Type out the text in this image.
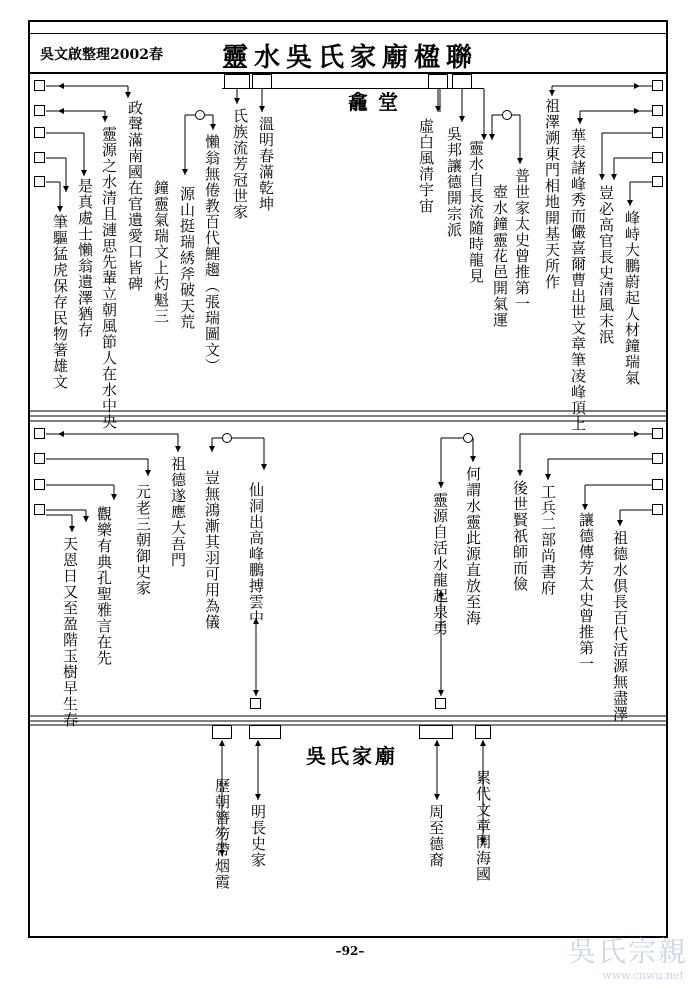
吳文啟整理2002春 靈水吳氏家廟楹聯
龕堂
峰峙大鵬蔚起人材鐘瑞氣
豈必高官長史清風末泯
華表諸峰秀而儼喜爾曹出世文章筆凌峰頂上
祖澤溯東門相地開基天所作
普世家太史曾推第一
壺水鐘靈花邑開氣運
靈水自長流隨時龍見
吳邦讓德開宗派
虛白風清宇宙
溫明春滿乾坤
氏族流芳冠世家
懶翁無倦教百代鯉趨（張瑞圖文）
源山挺瑞綉斧破天荒
鐘靈氣瑞文上灼魁三
政聲滿南國在官遺愛口皆碑
靈源之水清且漣思先輩立朝風節人在水中央
是真處士懶翁遺澤猶存
筆驅猛虎保存民物箸雄文
祖德水俱長百代活源無盡澤
讓德傳芳太史曾推第一
工兵二部尚書府
後世賢祇師而儉
何謂水靈此源直放至海
靈源自活水龍起泉勇
仙洞出高峰鵬搏雲中
豈無鴻漸其羽可用為儀
祖德遂應大吾門
元老三朝御史家
觀樂有典孔聖雅言在先
天恩日又至盈階玉樹早生春
吳氏家廟
累代文章開海國
周至德裔
明長史家
歷朝簪笏帶烟霞
–92–	吳氏宗親
www.cnwu.net
